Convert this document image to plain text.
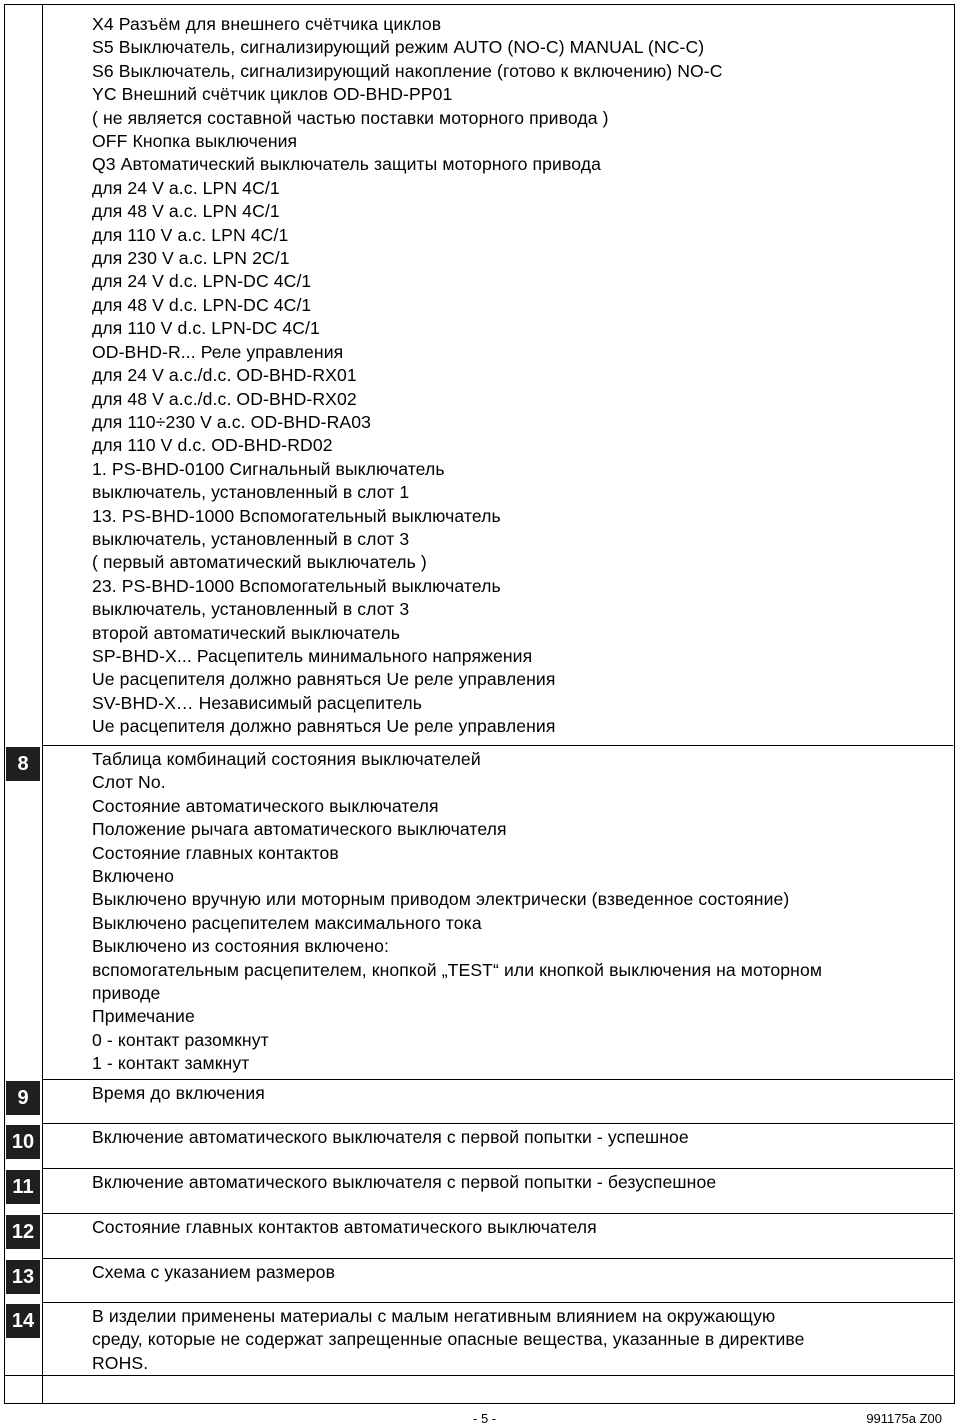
X4 Разъём для внешнего счётчика циклов
S5 Выключатель, сигнализирующий режим AUTO (NO-C) MANUAL (NC-C)
S6 Выключатель, сигнализирующий накопление (готово к включению) NO-C
YC Внешний счётчик циклов OD-BHD-PP01
( не является составной частью поставки моторного привода )
OFF Кнопка выключения
Q3 Автоматический выключатель защиты моторного привода
для 24 V a.c. LPN 4C/1
для 48 V a.c. LPN 4C/1
для 110 V a.c. LPN 4C/1
для 230 V a.c. LPN 2C/1
для 24 V d.c. LPN-DC 4C/1
для 48 V d.c. LPN-DC 4C/1
для 110 V d.c. LPN-DC 4C/1
OD-BHD-R... Реле управления
для 24 V a.c./d.c. OD-BHD-RX01
для 48 V a.c./d.c. OD-BHD-RX02
для 110÷230 V a.c. OD-BHD-RA03
для 110 V d.c. OD-BHD-RD02
1. PS-BHD-0100 Сигнальный выключатель
выключатель, установленный в слот 1
13. PS-BHD-1000 Вспомогательный выключатель
выключатель, установленный в слот 3
( первый автоматический выключатель )
23. PS-BHD-1000 Вспомогательный выключатель
выключатель, установленный в слот 3
второй автоматический выключатель
SP-BHD-X... Расцепитель минимального напряжения
Ue расцепителя должно равняться Ue реле управления
SV-BHD-X… Независимый расцепитель
Ue расцепителя должно равняться Ue реле управления
8	Таблица комбинаций состояния выключателей
Слот No.
Состояние автоматического выключателя
Положение рычага автоматического выключателя
Состояние главных контактов
Включено
Выключено вручную или моторным приводом электрически (взведенное состояние)
Выключено расцепителем максимального тока
Выключено из состояния включено:
вспомогательным расцепителем, кнопкой „TEST“ или кнопкой выключения на моторном
приводе
Примечание
0 - контакт разомкнут
1 - контакт замкнут
9	Время до включения
10	Включение автоматического выключателя с первой попытки - успешное
11	Включение автоматического выключателя с первой попытки - безуспешное
12	Состояние главных контактов автоматического выключателя
13	Схема с указанием размеров
14	В изделии применены материалы с малым негативным влиянием на окружающую
среду, которые не содержат запрещенные опасные вещества, указанные в директиве
ROHS.
- 5 -	991175a Z00
